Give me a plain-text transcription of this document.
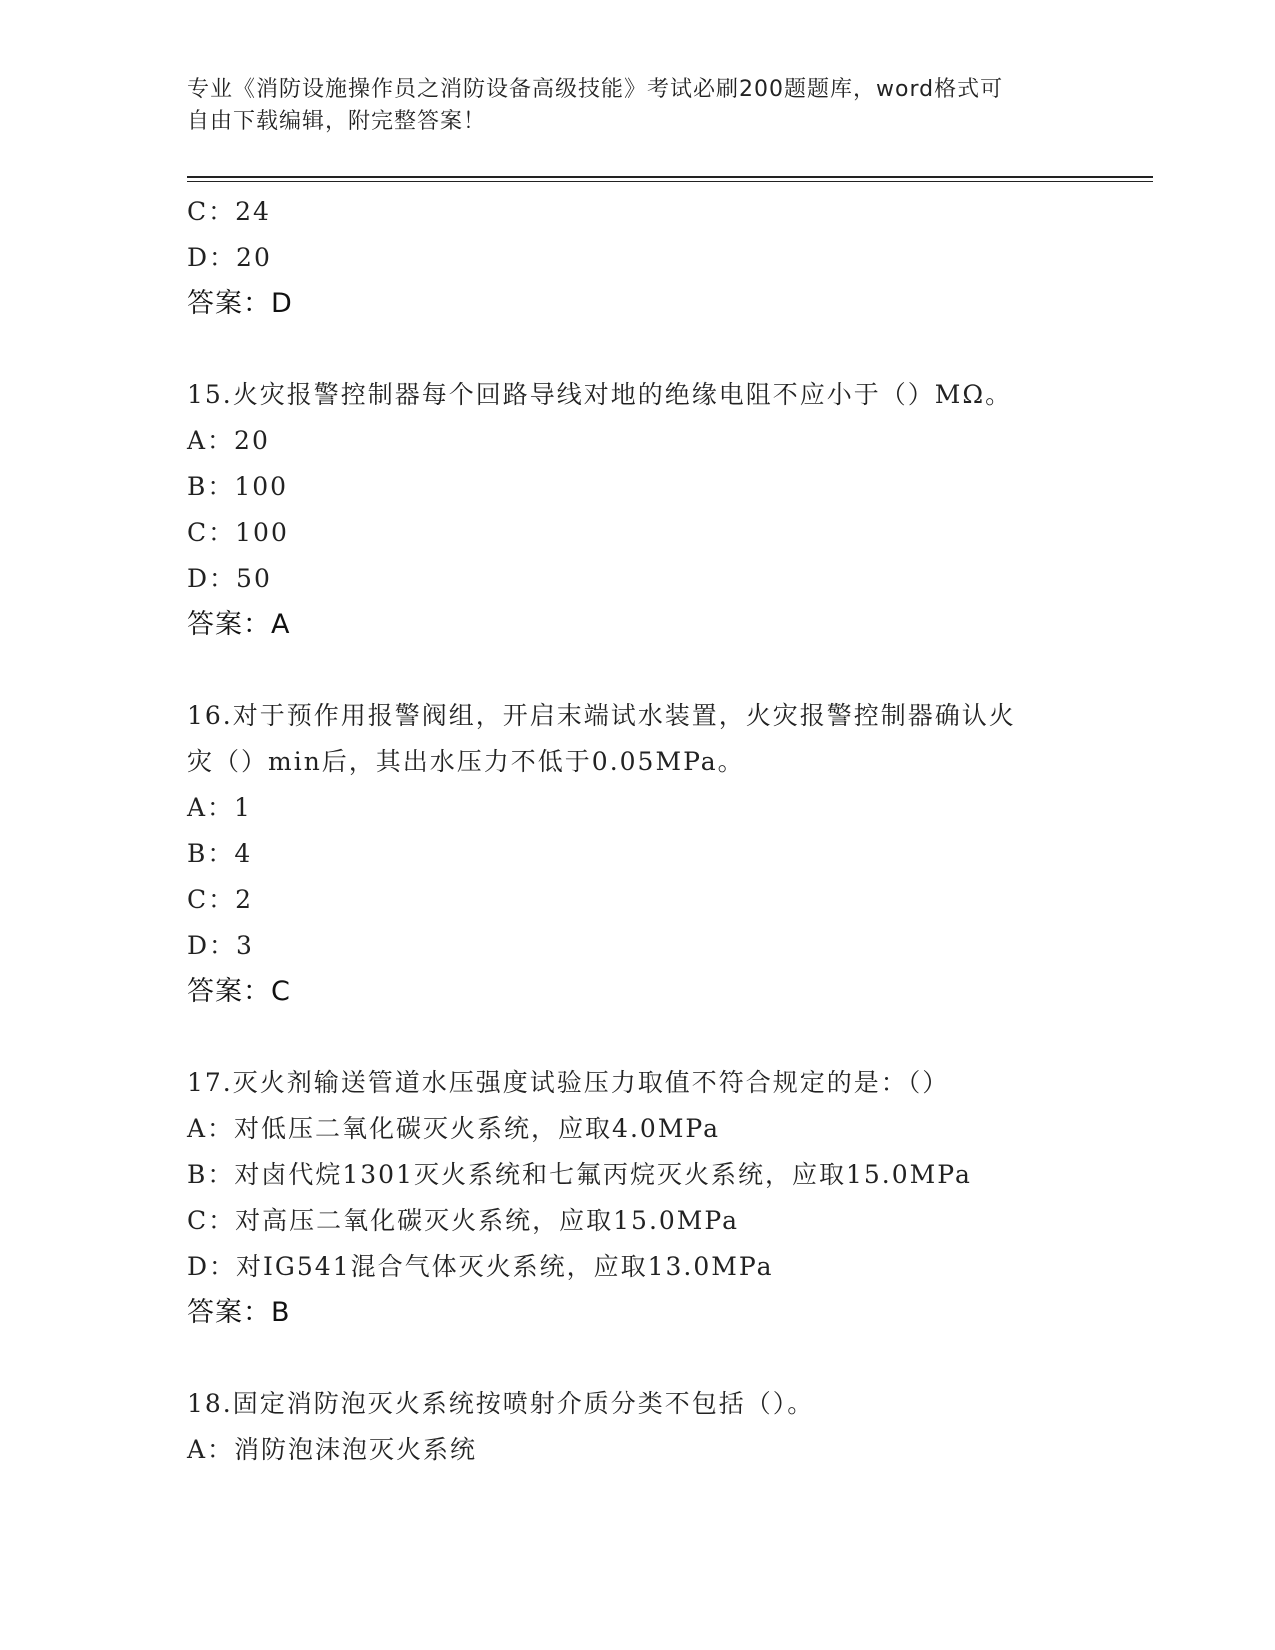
专业《消防设施操作员之消防设备高级技能》考试必刷200题题库，word格式可

自由下载编辑，附完整答案！

C：24
D：20
答案：D
15.火灾报警控制器每个回路导线对地的绝缘电阻不应小于（）MΩ。
A：20
B：100
C：100
D：50
答案：A
16.对于预作用报警阀组，开启末端试水装置，火灾报警控制器确认火
灾（）min后，其出水压力不低于0.05MPa。
A：1
B：4
C：2
D：3
答案：C
17.灭火剂输送管道水压强度试验压力取值不符合规定的是：（）
A：对低压二氧化碳灭火系统，应取4.0MPa
B：对卤代烷1301灭火系统和七氟丙烷灭火系统，应取15.0MPa
C：对高压二氧化碳灭火系统，应取15.0MPa
D：对IG541混合气体灭火系统，应取13.0MPa
答案：B
18.固定消防泡灭火系统按喷射介质分类不包括（）。
A：消防泡沫泡灭火系统
